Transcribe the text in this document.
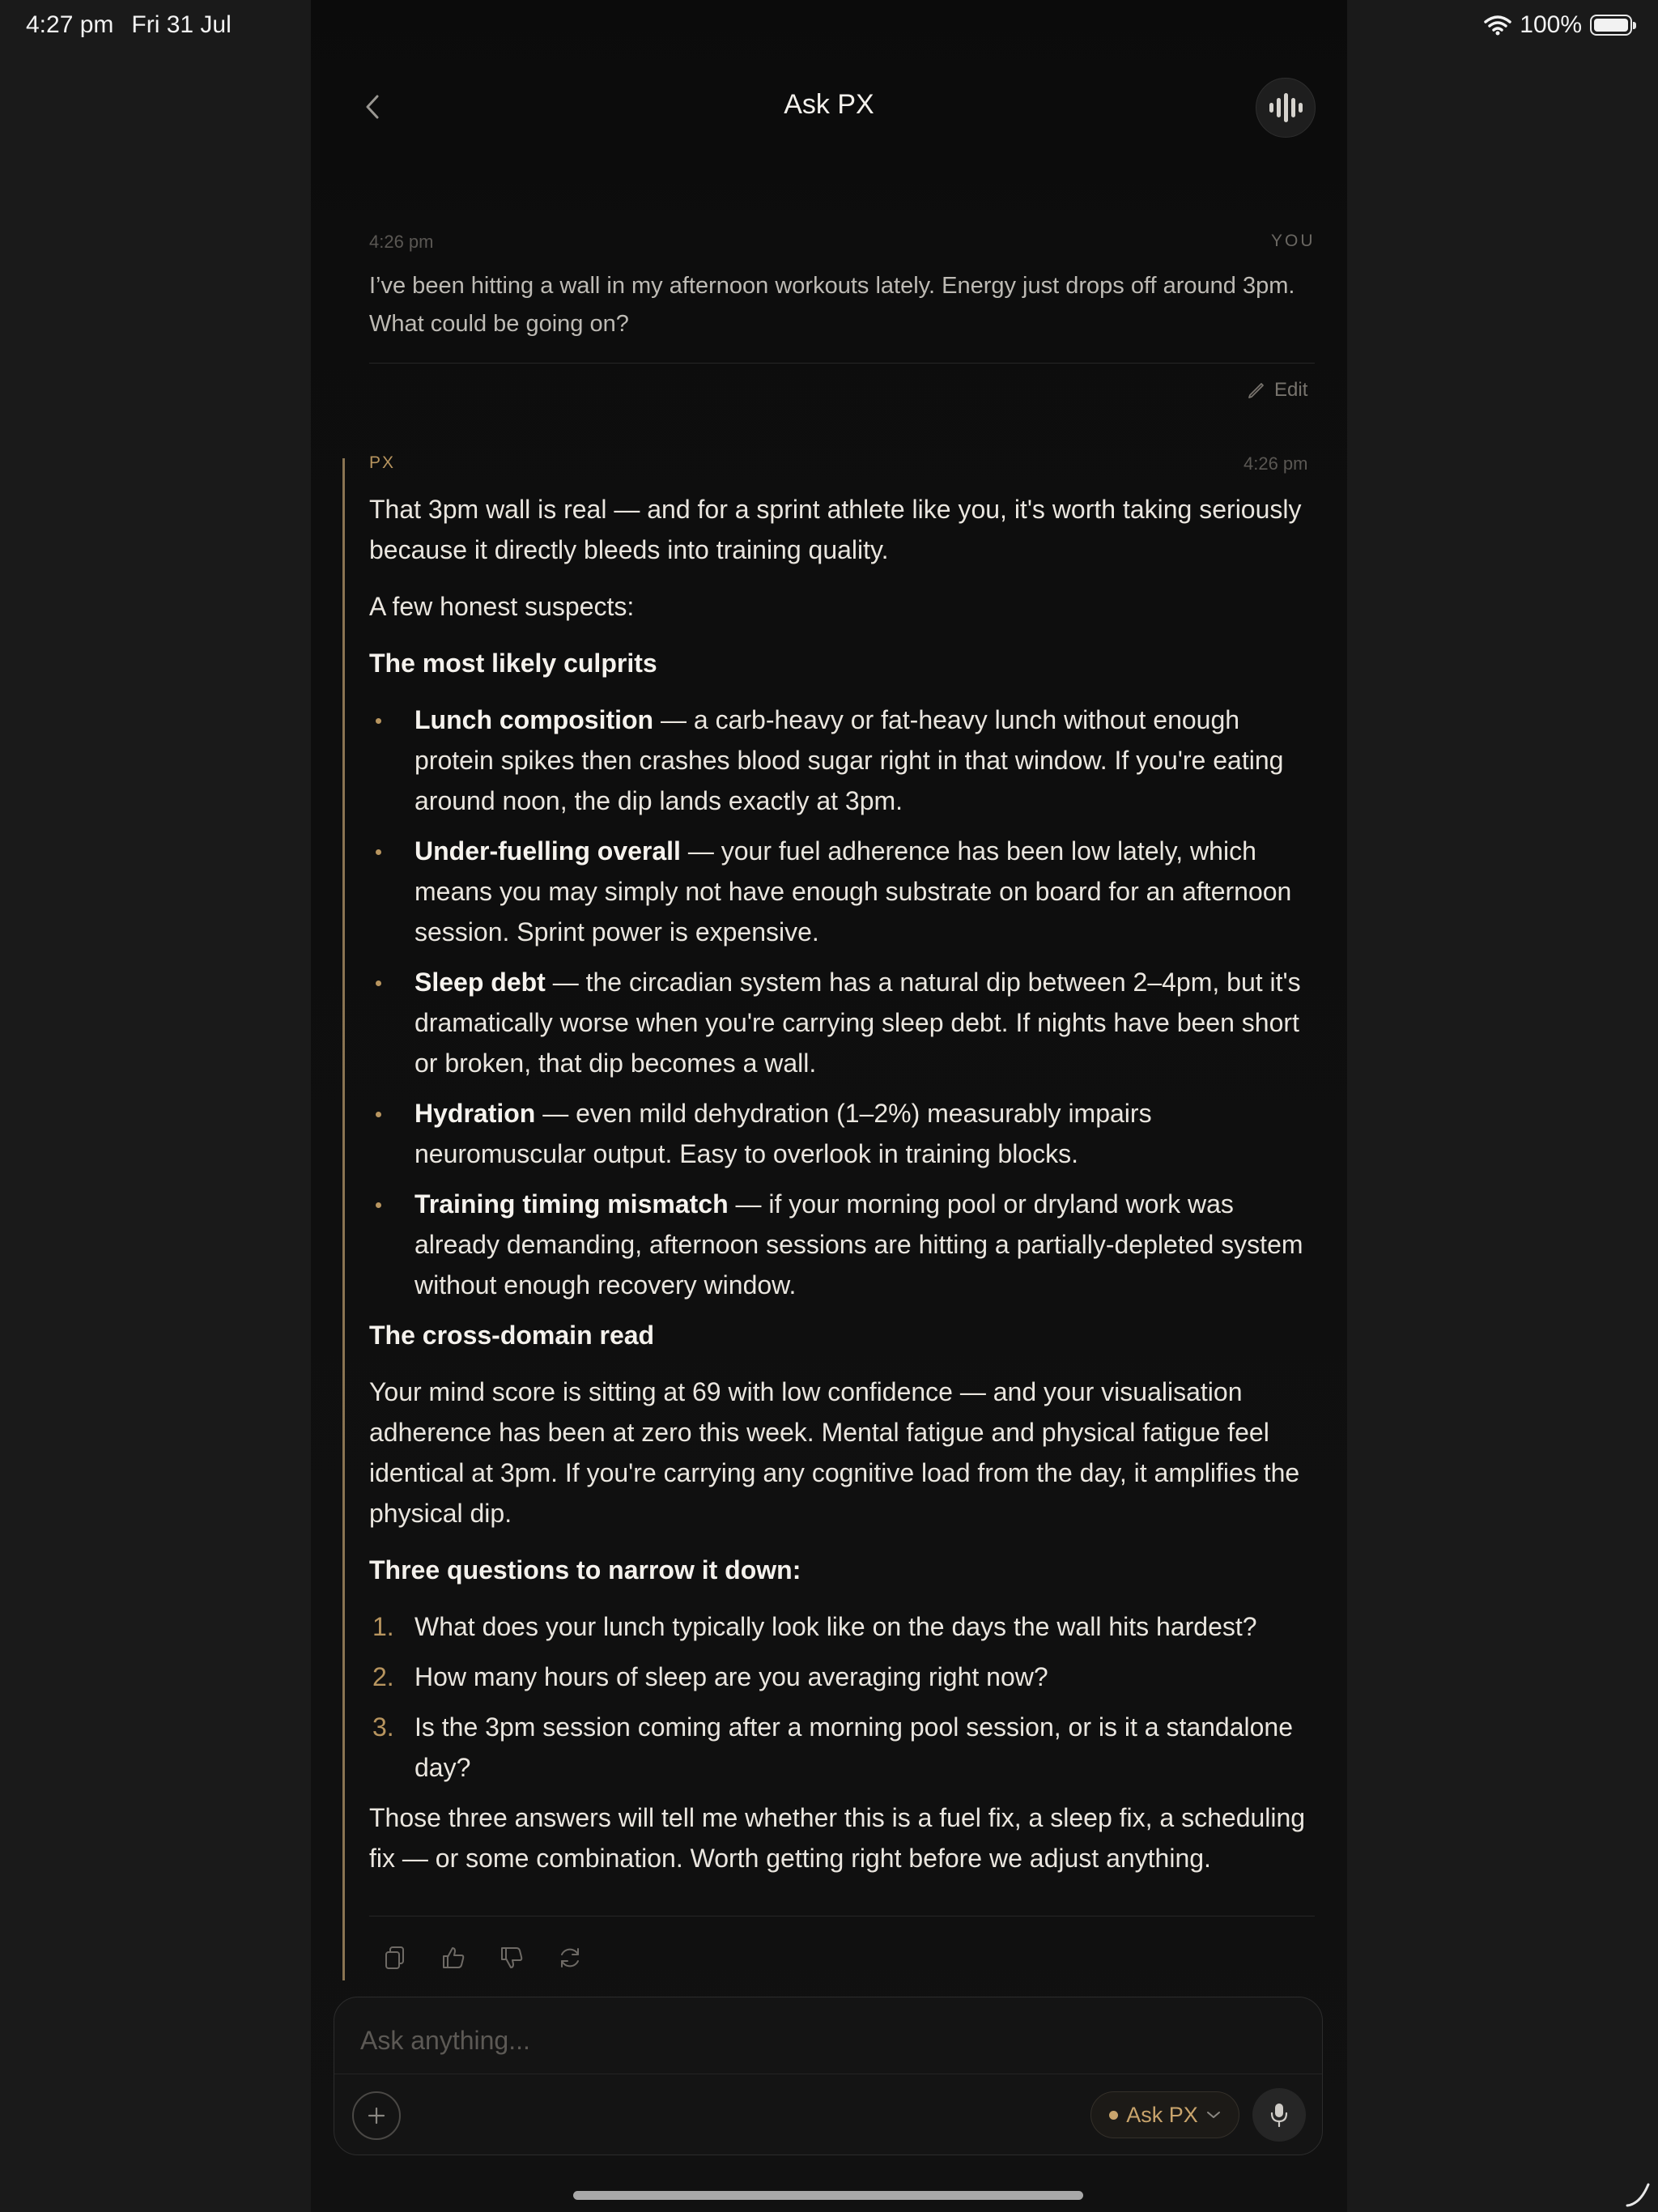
4:27 pm Fri 31 Jul	100%
Ask PX
4:26 pm	YOU
I’ve been hitting a wall in my afternoon workouts lately. Energy just drops off around 3pm. What could be going on?
Edit
PX	4:26 pm

That 3pm wall is real — and for a sprint athlete like you, it's worth taking seriously because it directly bleeds into training quality.

A few honest suspects:

The most likely culprits
Lunch composition — a carb-heavy or fat-heavy lunch without enough protein spikes then crashes blood sugar right in that window. If you're eating around noon, the dip lands exactly at 3pm.
Under-fuelling overall — your fuel adherence has been low lately, which means you may simply not have enough substrate on board for an afternoon session. Sprint power is expensive.
Sleep debt — the circadian system has a natural dip between 2–4pm, but it's dramatically worse when you're carrying sleep debt. If nights have been short or broken, that dip becomes a wall.
Hydration — even mild dehydration (1–2%) measurably impairs neuromuscular output. Easy to overlook in training blocks.
Training timing mismatch — if your morning pool or dryland work was already demanding, afternoon sessions are hitting a partially-depleted system without enough recovery window.
The cross-domain read

Your mind score is sitting at 69 with low confidence — and your visualisation adherence has been at zero this week. Mental fatigue and physical fatigue feel identical at 3pm. If you're carrying any cognitive load from the day, it amplifies the physical dip.

Three questions to narrow it down:
1. What does your lunch typically look like on the days the wall hits hardest?
2. How many hours of sleep are you averaging right now?
3. Is the 3pm session coming after a morning pool session, or is it a standalone day?

Those three answers will tell me whether this is a fuel fix, a sleep fix, a scheduling fix — or some combination. Worth getting right before we adjust anything.

Ask anything...
Ask PX
